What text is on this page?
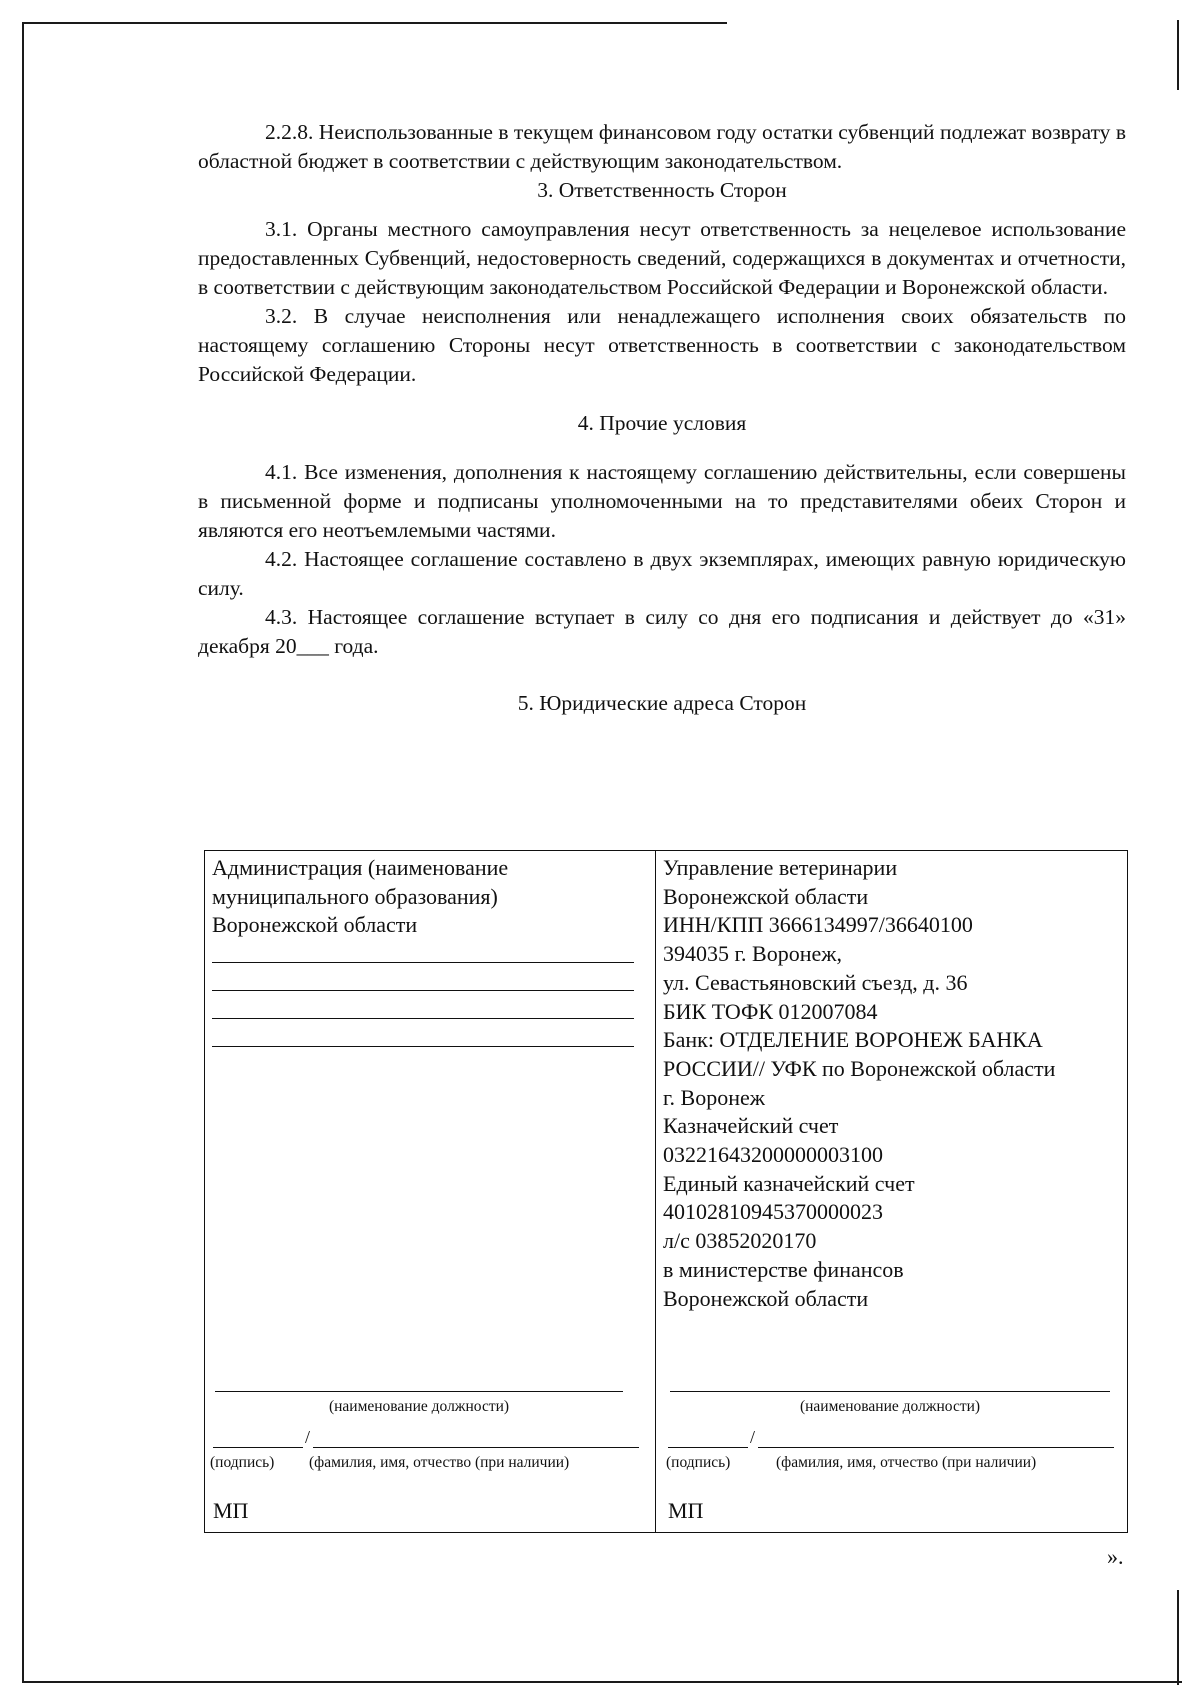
2.2.8. Неиспользованные в текущем финансовом году остатки субвенций подлежат возврату в областной бюджет в соответствии с действующим законодательством.

3. Ответственность Сторон

3.1. Органы местного самоуправления несут ответственность за нецелевое использование предоставленных Субвенций, недостоверность сведений, содержащихся в документах и отчетности, в соответствии с действующим законодательством Российской Федерации и Воронежской области.

3.2. В случае неисполнения или ненадлежащего исполнения своих обязательств по настоящему соглашению Стороны несут ответственность в соответствии с законодательством Российской Федерации.

4. Прочие условия

4.1. Все изменения, дополнения к настоящему соглашению действительны, если совершены в письменной форме и подписаны уполномоченными на то представителями обеих Сторон и являются его неотъемлемыми частями.

4.2. Настоящее соглашение составлено в двух экземплярах, имеющих равную юридическую силу.

4.3. Настоящее соглашение вступает в силу со дня его подписания и действует до «31» декабря 20___ года.

5. Юридические адреса Сторон

Администрация (наименование
муниципального образования)
Воронежской области
(наименование должности)
/
(подпись) (фамилия, имя, отчество (при наличии)
МП
Управление ветеринарии
Воронежской области
ИНН/КПП 3666134997/36640100
394035 г. Воронеж,
ул. Севастьяновский съезд, д. 36
БИК ТОФК 012007084
Банк: ОТДЕЛЕНИЕ ВОРОНЕЖ БАНКА
РОССИИ// УФК по Воронежской области
г. Воронеж
Казначейский счет
03221643200000003100
Единый казначейский счет
40102810945370000023
л/с 03852020170
в министерстве финансов
Воронежской области
(наименование должности)
/
(подпись)	(фамилия, имя, отчество (при наличии)
МП
».
